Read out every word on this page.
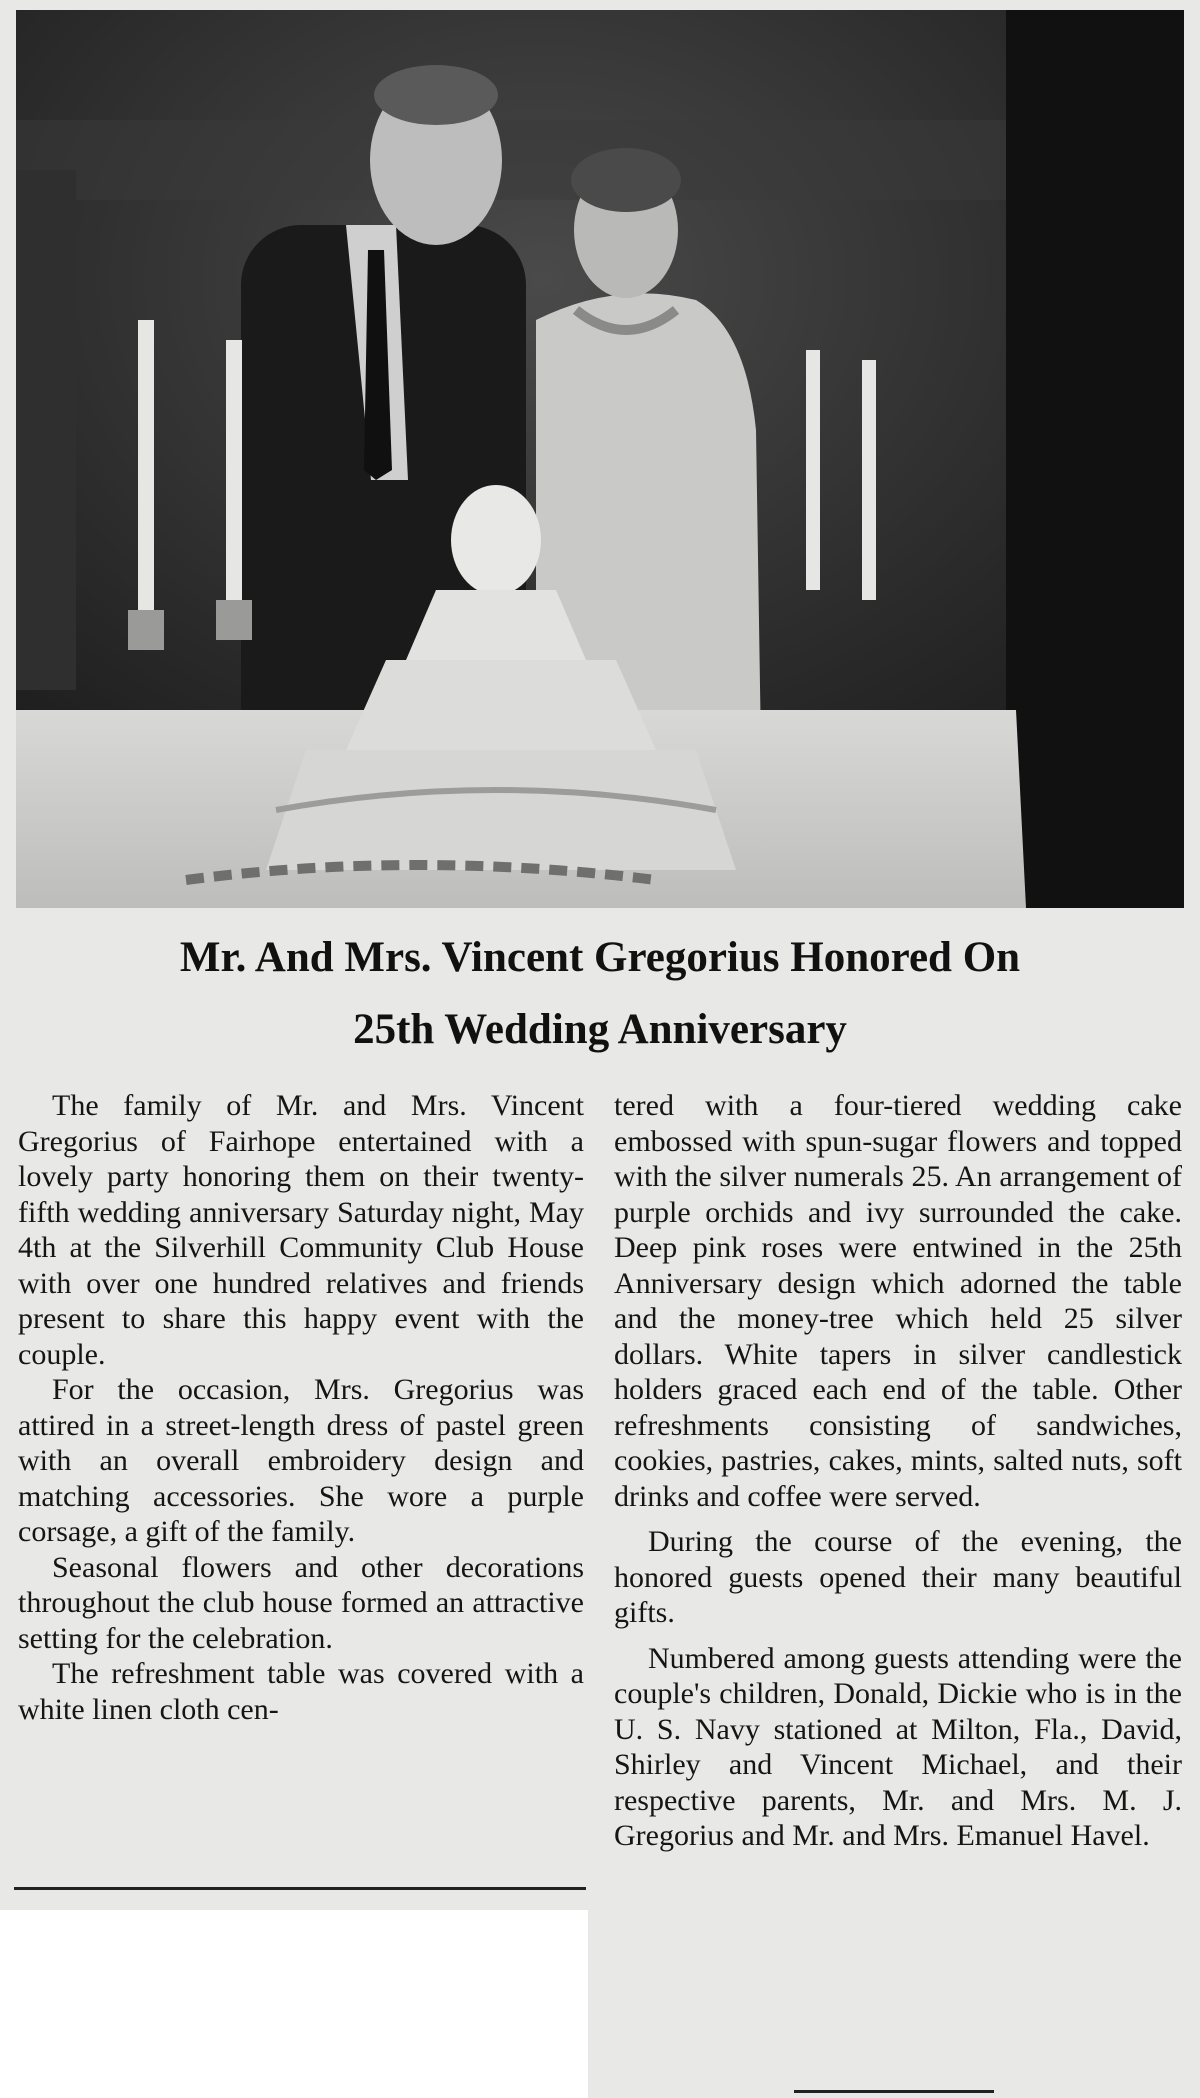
Mr. And Mrs. Vincent Gregorius Honored On
25th Wedding Anniversary

The family of Mr. and Mrs. Vincent Gregorius of Fairhope entertained with a lovely party honoring them on their twenty-fifth wedding anniversary Saturday night, May 4th at the Silverhill Community Club House with over one hundred relatives and friends present to share this happy event with the couple.

For the occasion, Mrs. Gregorius was attired in a street-length dress of pastel green with an overall embroidery design and matching accessories. She wore a purple corsage, a gift of the family.

Seasonal flowers and other decorations throughout the club house formed an attractive setting for the celebration.

The refreshment table was covered with a white linen cloth cen-

tered with a four-tiered wedding cake embossed with spun-sugar flowers and topped with the silver numerals 25. An arrangement of purple orchids and ivy surrounded the cake. Deep pink roses were entwined in the 25th Anniversary design which adorned the table and the money-tree which held 25 silver dollars. White tapers in silver candlestick holders graced each end of the table. Other refreshments consisting of sandwiches, cookies, pastries, cakes, mints, salted nuts, soft drinks and coffee were served.

During the course of the evening, the honored guests opened their many beautiful gifts.

Numbered among guests attending were the couple's children, Donald, Dickie who is in the U. S. Navy stationed at Milton, Fla., David, Shirley and Vincent Michael, and their respective parents, Mr. and Mrs. M. J. Gregorius and Mr. and Mrs. Emanuel Havel.
